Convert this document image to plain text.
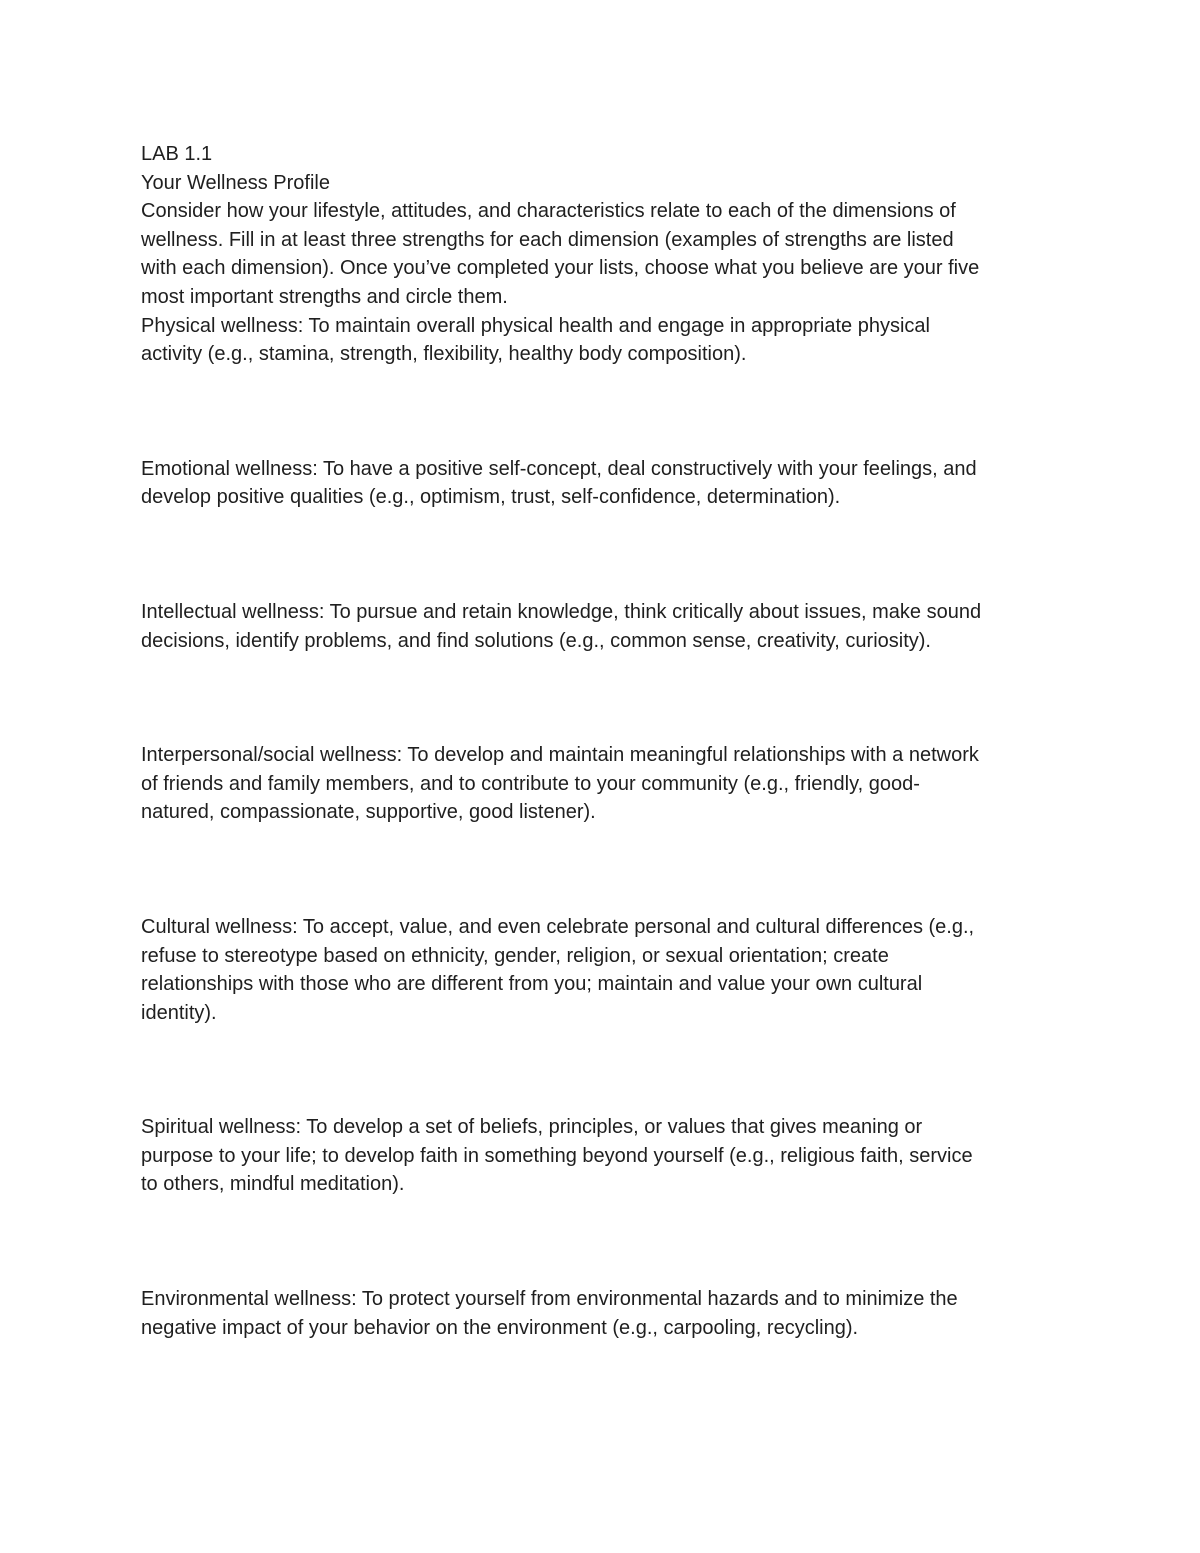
LAB 1.1

Your Wellness Profile

Consider how your lifestyle, attitudes, and characteristics relate to each of the dimensions of

wellness. Fill in at least three strengths for each dimension (examples of strengths are listed

with each dimension). Once you’ve completed your lists, choose what you believe are your five

most important strengths and circle them.

Physical wellness: To maintain overall physical health and engage in appropriate physical

activity (e.g., stamina, strength, flexibility, healthy body composition).

Emotional wellness: To have a positive self-concept, deal constructively with your feelings, and

develop positive qualities (e.g., optimism, trust, self-confidence, determination).

Intellectual wellness: To pursue and retain knowledge, think critically about issues, make sound

decisions, identify problems, and find solutions (e.g., common sense, creativity, curiosity).

Interpersonal/social wellness: To develop and maintain meaningful relationships with a network

of friends and family members, and to contribute to your community (e.g., friendly, good-

natured, compassionate, supportive, good listener).

Cultural wellness: To accept, value, and even celebrate personal and cultural differences (e.g.,

refuse to stereotype based on ethnicity, gender, religion, or sexual orientation; create

relationships with those who are different from you; maintain and value your own cultural

identity).

Spiritual wellness: To develop a set of beliefs, principles, or values that gives meaning or

purpose to your life; to develop faith in something beyond yourself (e.g., religious faith, service

to others, mindful meditation).

Environmental wellness: To protect yourself from environmental hazards and to minimize the

negative impact of your behavior on the environment (e.g., carpooling, recycling).
